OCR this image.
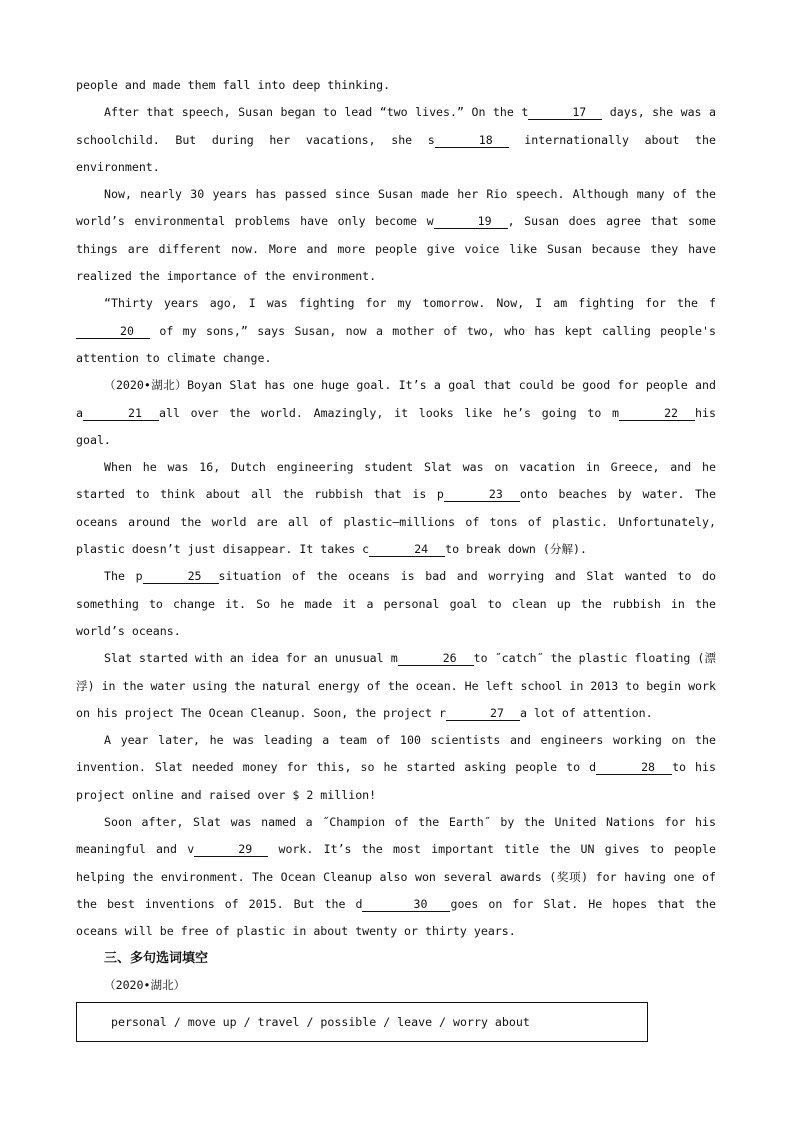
people and made them fall into deep thinking.

After that speech, Susan began to lead “two lives.” On the t	17 days, she was a schoolchild. But during her vacations, she s	18 internationally about the environment.

Now, nearly 30 years has passed since Susan made her Rio speech. Although many of the world’s environmental problems have only become w	19 , Susan does agree that some things are different now. More and more people give voice like Susan because they have realized the importance of the environment.

“Thirty years ago, I was fighting for my tomorrow. Now, I am fighting for the f20 of my sons,” says Susan, now a mother of two, who has kept calling people's attention to climate change.

（2020•湖北）Boyan Slat has one huge goal. It’s a goal that could be good for people and a	21 all over the world. Amazingly, it looks like he’s going to m	22 his goal.

When he was 16, Dutch engineering student Slat was on vacation in Greece, and he started to think about all the rubbish that is p	23 onto beaches by water. The oceans around the world are all of plastic—millions of tons of plastic. Unfortunately, plastic doesn’t just disappear. It takes c	24 to break down (分解).

The p	25 situation of the oceans is bad and worrying and Slat wanted to do something to change it. So he made it a personal goal to clean up the rubbish in the world’s oceans.

Slat started with an idea for an unusual m	26 to ˝catch˝ the plastic floating (漂浮) in the water using the natural energy of the ocean. He left school in 2013 to begin work on his project The Ocean Cleanup. Soon, the project r	27 a lot of attention.

A year later, he was leading a team of 100 scientists and engineers working on the invention. Slat needed money for this, so he started asking people to d	28 to his project online and raised over $ 2 million!

Soon after, Slat was named a ˝Champion of the Earth˝ by the United Nations for his meaningful and v	29 work. It’s the most important title the UN gives to people helping the environment. The Ocean Cleanup also won several awards (奖项) for having one of the best inventions of 2015. But the d	30 goes on for Slat. He hopes that the oceans will be free of plastic in about twenty or thirty years.

三、多句选词填空

（2020•湖北）

personal / move up / travel / possible / leave / worry about
